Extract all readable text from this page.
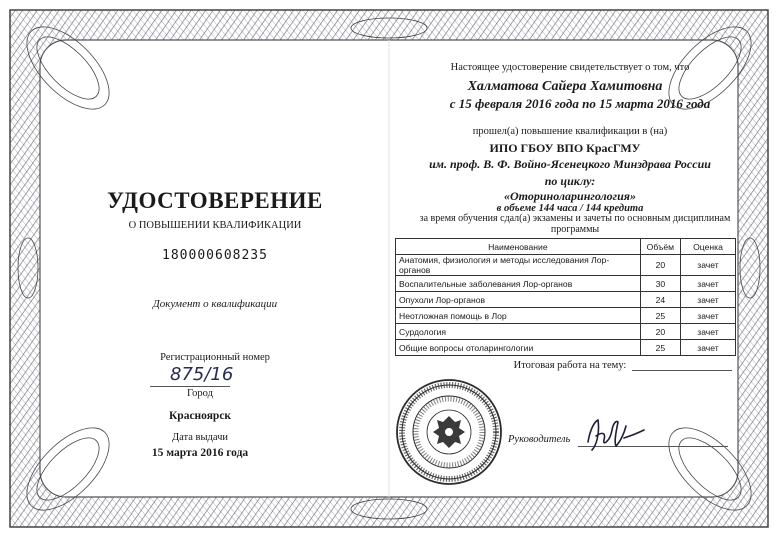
УДОСТОВЕРЕНИЕ
О ПОВЫШЕНИИ КВАЛИФИКАЦИИ
180000608235
Документ о квалификации
Регистрационный номер
875/16
Город
Красноярск
Дата выдачи
15 марта 2016 года
Настоящее удостоверение свидетельствует о том, что
Халматова Сайера Хамитовна
с 15 февраля 2016 года по 15 марта 2016 года
прошел(а) повышение квалификации в (на)
ИПО ГБОУ ВПО КрасГМУ
им. проф. В. Ф. Войно-Ясенецкого Минздрава России
по циклу:
«Оториноларингология»
в объеме 144 часа / 144 кредита
за время обучения сдал(а) экзамены и зачеты по основным дисциплинам программы
Наименование	Объём	Оценка
Анатомия, физиология и методы исследования Лор-органов	20	зачет
Воспалительные заболевания Лор-органов	30	зачет
Опухоли Лор-органов	24	зачет
Неотложная помощь в Лор	25	зачет
Сурдология	20	зачет
Общие вопросы отоларингологии	25	зачет
Итоговая работа на тему:
Руководитель
